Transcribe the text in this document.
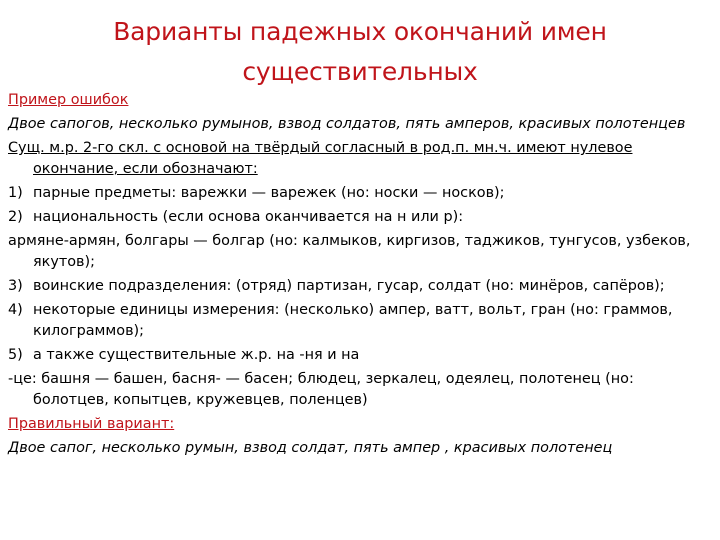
Варианты падежных окончаний имен существительных
Пример ошибок
Двое сапогов, несколько румынов, взвод солдатов, пять амперов, красивых полотенцев
Сущ. м.р. 2-го скл. с основой на твёрдый согласный в род.п. мн.ч. имеют нулевое окончание, если обозначают:
1) парные предметы: варежки — варежек (но: носки — носков);
2) национальность (если основа оканчивается на н или р):
армяне-армян, болгары — болгар (но: калмыков, киргизов, таджиков, тунгусов, узбеков, якутов);
3) воинские подразделения: (отряд) партизан, гусар, солдат (но: минёров, сапёров);
4) некоторые единицы измерения: (несколько) ампер, ватт, вольт, гран (но: граммов, килограммов);
5) а также существительные ж.р. на -ня и на
-це: башня — башен, басня- — басен; блюдец, зеркалец, одеялец, полотенец (но: болотцев, копытцев, кружевцев, поленцев)
Правильный вариант:
Двое сапог, несколько румын, взвод солдат, пять ампер , красивых полотенец
